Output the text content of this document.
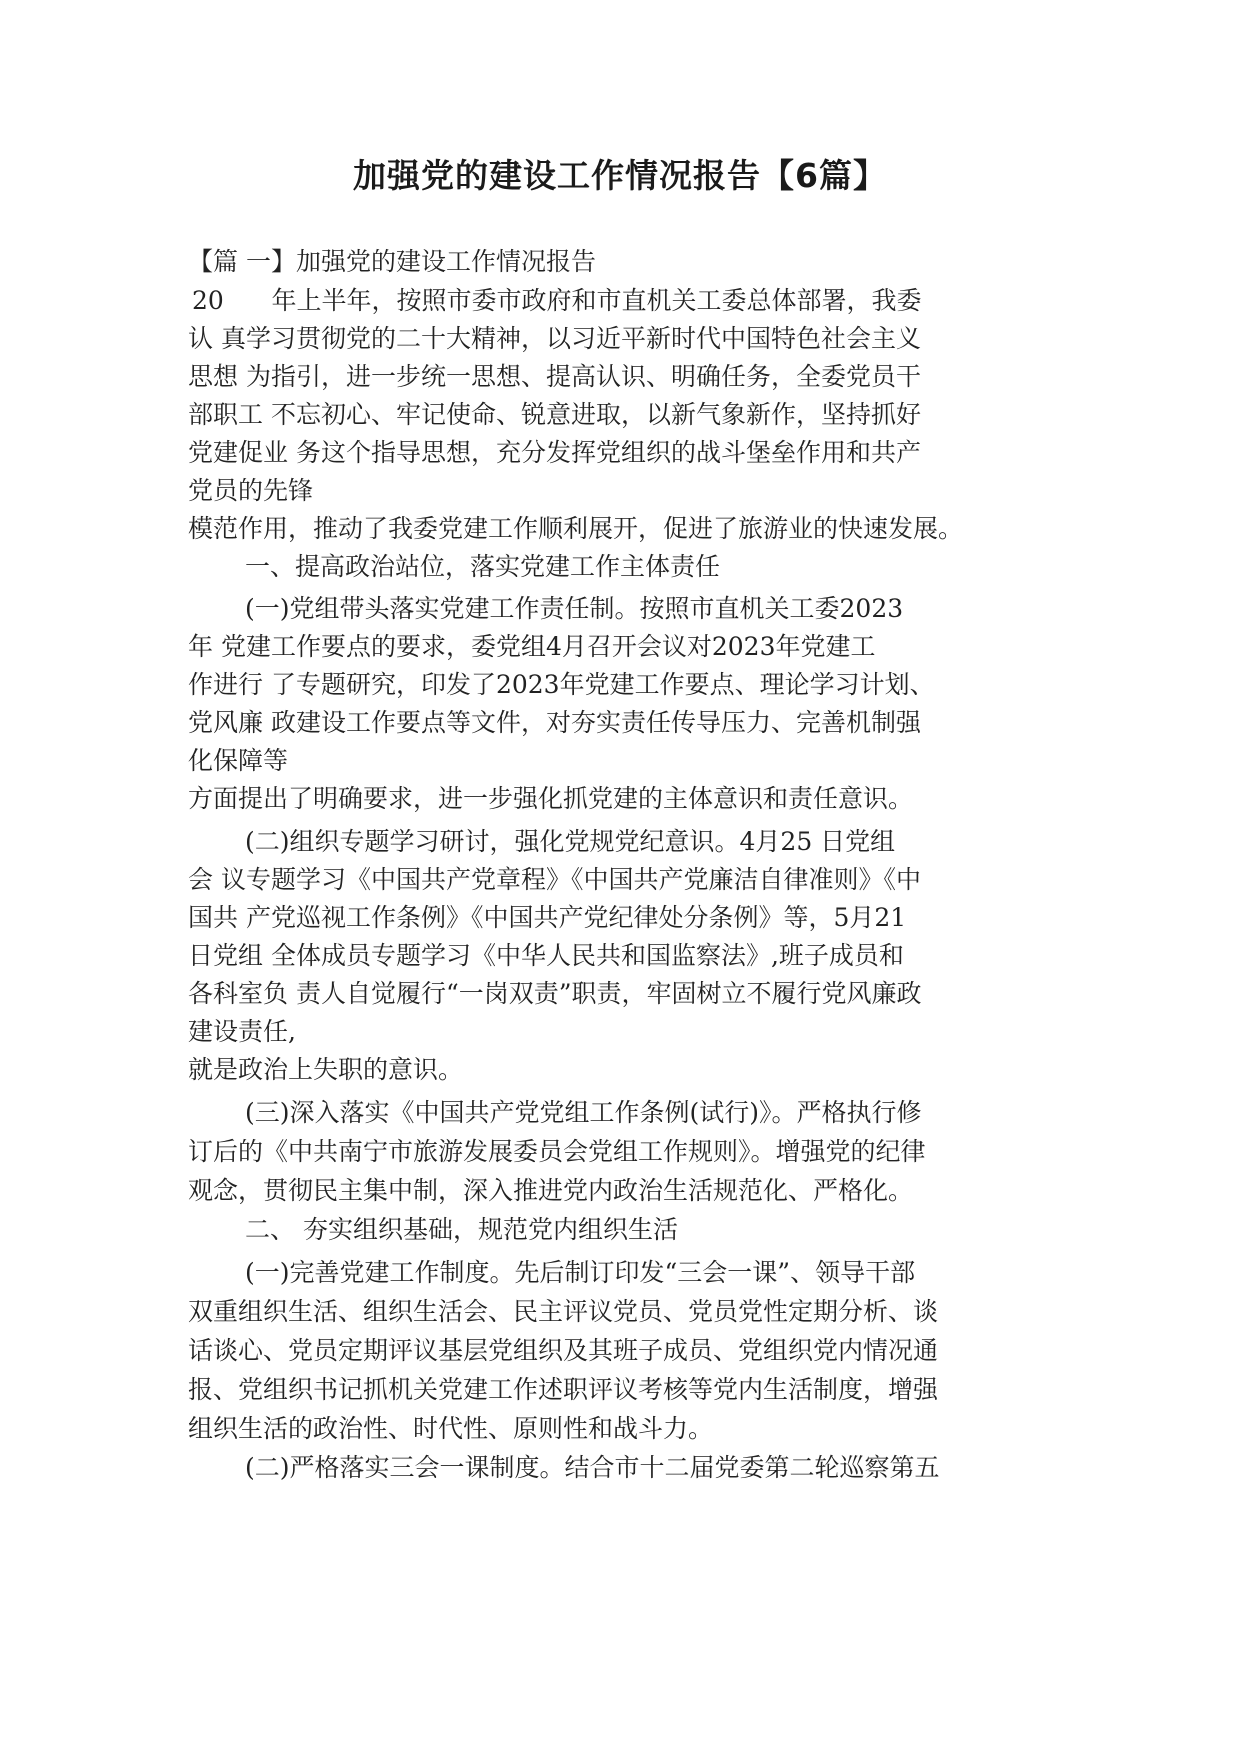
加强党的建设工作情况报告【6篇】
【篇 一】加强党的建设工作情况报告
20      年上半年，按照市委市政府和市直机关工委总体部署，我委
认 真学习贯彻党的二十大精神，以习近平新时代中国特色社会主义
思想 为指引，进一步统一思想、提高认识、明确任务，全委党员干
部职工 不忘初心、牢记使命、锐意进取，以新气象新作，坚持抓好
党建促业 务这个指导思想，充分发挥党组织的战斗堡垒作用和共产
党员的先锋
模范作用，推动了我委党建工作顺利展开，促进了旅游业的快速发展。
一、提高政治站位，落实党建工作主体责任
(一)党组带头落实党建工作责任制。按照市直机关工委2023
年 党建工作要点的要求，委党组4月召开会议对2023年党建工
作进行 了专题研究，印发了2023年党建工作要点、理论学习计划、
党风廉 政建设工作要点等文件，对夯实责任传导压力、完善机制强
化保障等
方面提出了明确要求，进一步强化抓党建的主体意识和责任意识。
(二)组织专题学习研讨，强化党规党纪意识。4月25 日党组
会 议专题学习《中国共产党章程》《中国共产党廉洁自律准则》《中
国共 产党巡视工作条例》《中国共产党纪律处分条例》等，5月21
日党组 全体成员专题学习《中华人民共和国监察法》,班子成员和
各科室负 责人自觉履行“一岗双责”职责，牢固树立不履行党风廉政
建设责任,
就是政治上失职的意识。
(三)深入落实《中国共产党党组工作条例(试行)》。严格执行修
订后的《中共南宁市旅游发展委员会党组工作规则》。增强党的纪律
观念，贯彻民主集中制，深入推进党内政治生活规范化、严格化。
二、 夯实组织基础，规范党内组织生活
(一)完善党建工作制度。先后制订印发“三会一课”、领导干部
双重组织生活、组织生活会、民主评议党员、党员党性定期分析、谈
话谈心、党员定期评议基层党组织及其班子成员、党组织党内情况通
报、党组织书记抓机关党建工作述职评议考核等党内生活制度，增强
组织生活的政治性、时代性、原则性和战斗力。
(二)严格落实三会一课制度。结合市十二届党委第二轮巡察第五
